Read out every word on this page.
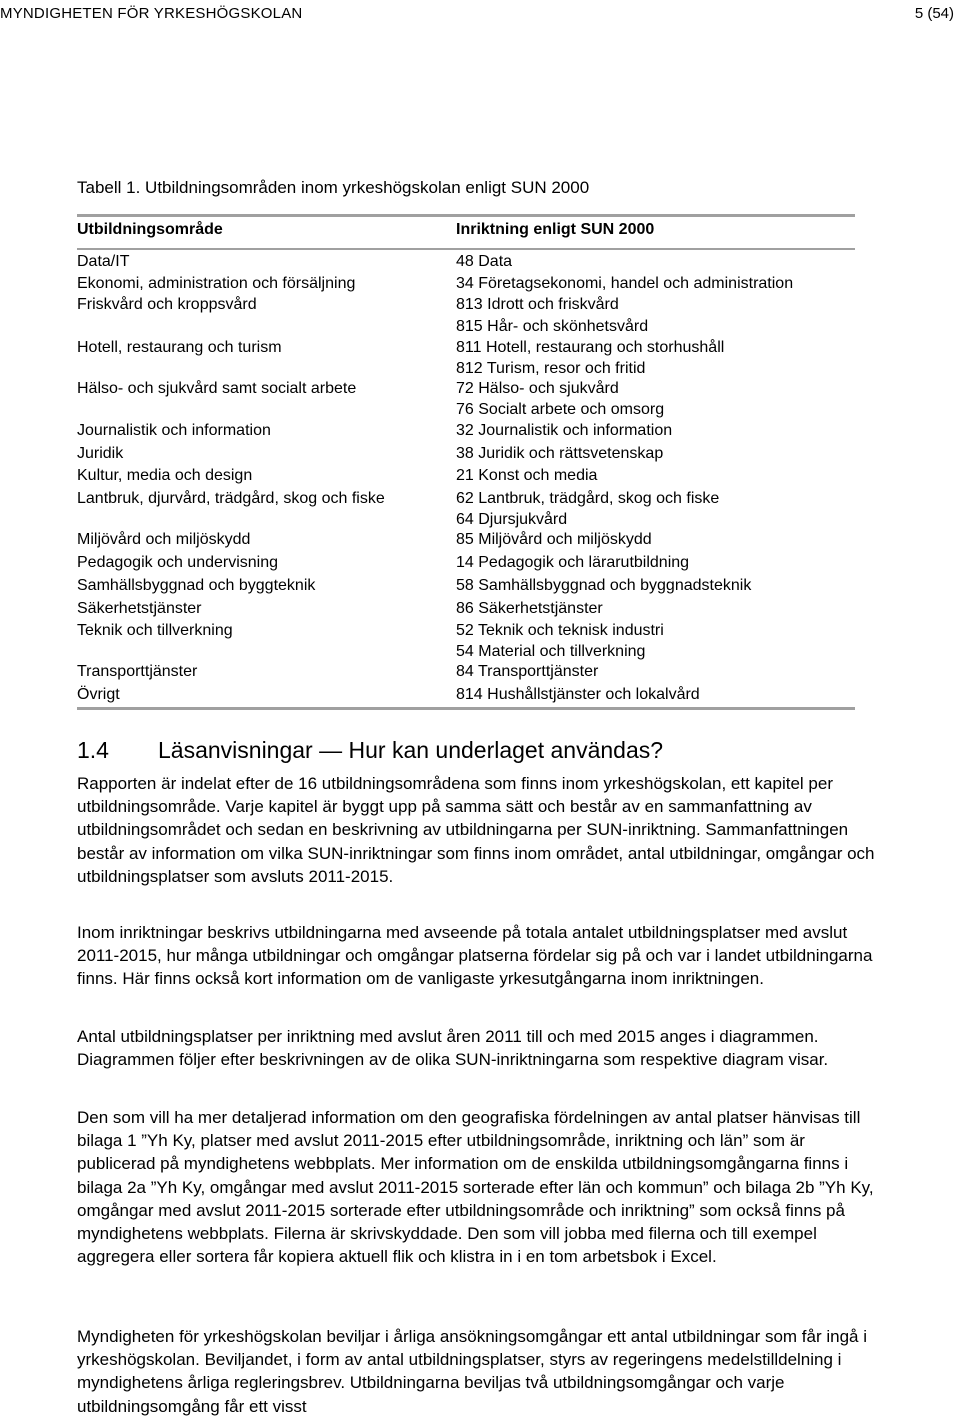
MYNDIGHETEN FÖR YRKESHÖGSKOLAN	5 (54)
Tabell 1. Utbildningsområden inom yrkeshögskolan enligt SUN 2000
Utbildningsområde	Inriktning enligt SUN 2000
Data/IT
Ekonomi, administration och försäljning
Friskvård och kroppsvård
Hotell, restaurang och turism
Hälso- och sjukvård samt socialt arbete
Journalistik och information
Juridik
Kultur, media och design
Lantbruk, djurvård, trädgård, skog och fiske
Miljövård och miljöskydd
Pedagogik och undervisning
Samhällsbyggnad och byggteknik
Säkerhetstjänster
Teknik och tillverkning
Transporttjänster
Övrigt
48 Data
34 Företagsekonomi, handel och administration
813 Idrott och friskvård
815 Hår- och skönhetsvård
811 Hotell, restaurang och storhushåll
812 Turism, resor och fritid
72 Hälso- och sjukvård
76 Socialt arbete och omsorg
32 Journalistik och information
38 Juridik och rättsvetenskap
21 Konst och media
62 Lantbruk, trädgård, skog och fiske
64 Djursjukvård
85 Miljövård och miljöskydd
14 Pedagogik och lärarutbildning
58 Samhällsbyggnad och byggnadsteknik
86 Säkerhetstjänster
52 Teknik och teknisk industri
54 Material och tillverkning
84 Transporttjänster
814 Hushållstjänster och lokalvård
1.4 Läsanvisningar — Hur kan underlaget användas?

Rapporten är indelat efter de 16 utbildningsområdena som finns inom yrkeshögskolan, ett kapitel per utbildningsområde. Varje kapitel är byggt upp på samma sätt och består av en sammanfattning av utbildningsområdet och sedan en beskrivning av utbildningarna per SUN-inriktning. Sammanfattningen består av information om vilka SUN-inriktningar som finns inom området, antal utbildningar, omgångar och utbildningsplatser som avsluts 2011-2015.

Inom inriktningar beskrivs utbildningarna med avseende på totala antalet utbildningsplatser med avslut 2011-2015, hur många utbildningar och omgångar platserna fördelar sig på och var i landet utbildningarna finns. Här finns också kort information om de vanligaste yrkesutgångarna inom inriktningen.

Antal utbildningsplatser per inriktning med avslut åren 2011 till och med 2015 anges i diagrammen. Diagrammen följer efter beskrivningen av de olika SUN-inriktningarna som respektive diagram visar.

Den som vill ha mer detaljerad information om den geografiska fördelningen av antal platser hänvisas till bilaga 1 ”Yh Ky, platser med avslut 2011-2015 efter utbildningsområde, inriktning och län” som är publicerad på myndighetens webbplats. Mer information om de enskilda utbildningsomgångarna finns i bilaga 2a ”Yh Ky, omgångar med avslut 2011-2015 sorterade efter län och kommun” och bilaga 2b ”Yh Ky, omgångar med avslut 2011-2015 sorterade efter utbildningsområde och inriktning” som också finns på myndighetens webbplats. Filerna är skrivskyddade. Den som vill jobba med filerna och till exempel aggregera eller sortera får kopiera aktuell flik och klistra in i en tom arbetsbok i Excel.

Myndigheten för yrkeshögskolan beviljar i årliga ansökningsomgångar ett antal utbildningar som får ingå i yrkeshögskolan. Beviljandet, i form av antal utbildningsplatser, styrs av regeringens medelstilldelning i myndighetens årliga regleringsbrev. Utbildningarna beviljas två utbildningsomgångar och varje utbildningsomgång får ett visst
